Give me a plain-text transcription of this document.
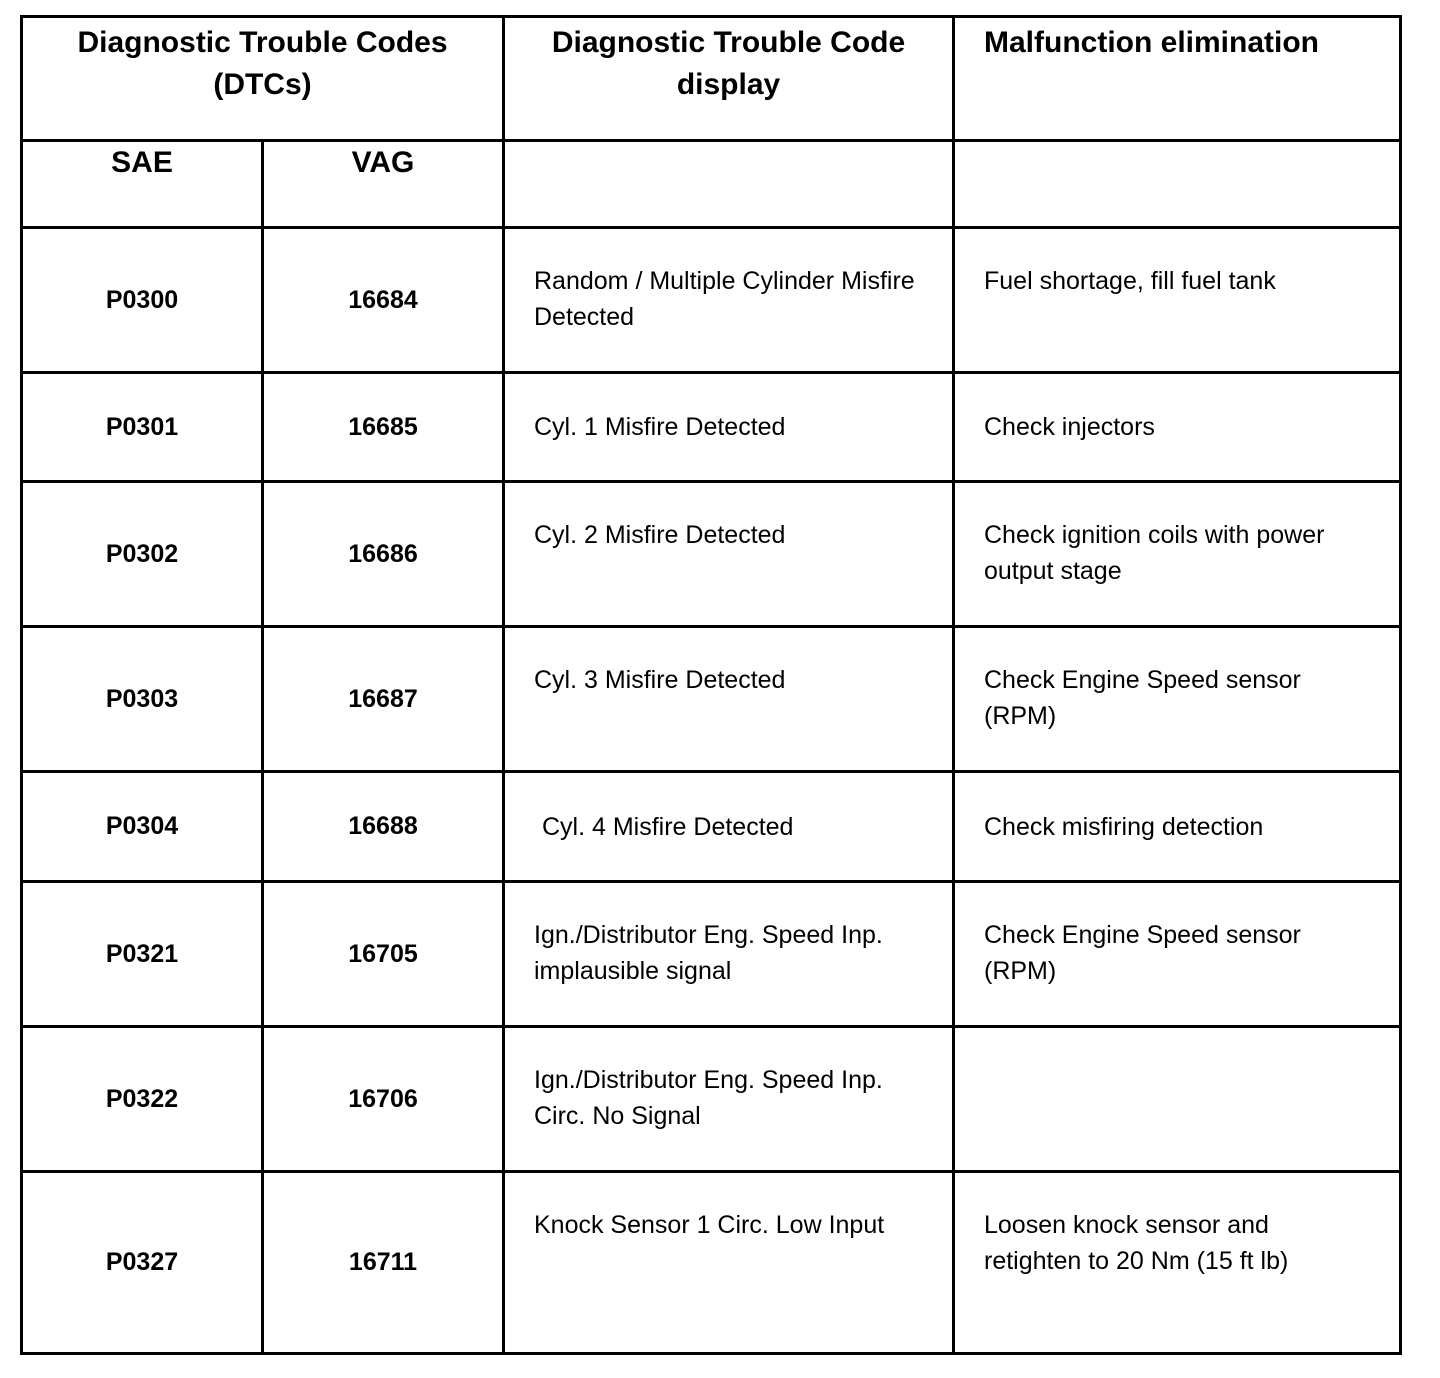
Diagnostic Trouble Codes (DTCs)		Diagnostic Trouble Code display	Malfunction elimination
SAE	VAG		
P0300	16684	Random / Multiple Cylinder Misfire Detected	Fuel shortage, fill fuel tank
P0301	16685	Cyl. 1 Misfire Detected	Check injectors
P0302	16686	Cyl. 2 Misfire Detected	Check ignition coils with power output stage
P0303	16687	Cyl. 3 Misfire Detected	Check Engine Speed sensor (RPM)
P0304	16688	Cyl. 4 Misfire Detected	Check misfiring detection
P0321	16705	Ign./Distributor Eng. Speed Inp. implausible signal	Check Engine Speed sensor (RPM)
P0322	16706	Ign./Distributor Eng. Speed Inp. Circ. No Signal	
P0327	16711	Knock Sensor 1 Circ. Low Input	Loosen knock sensor and retighten to 20 Nm (15 ft lb)
